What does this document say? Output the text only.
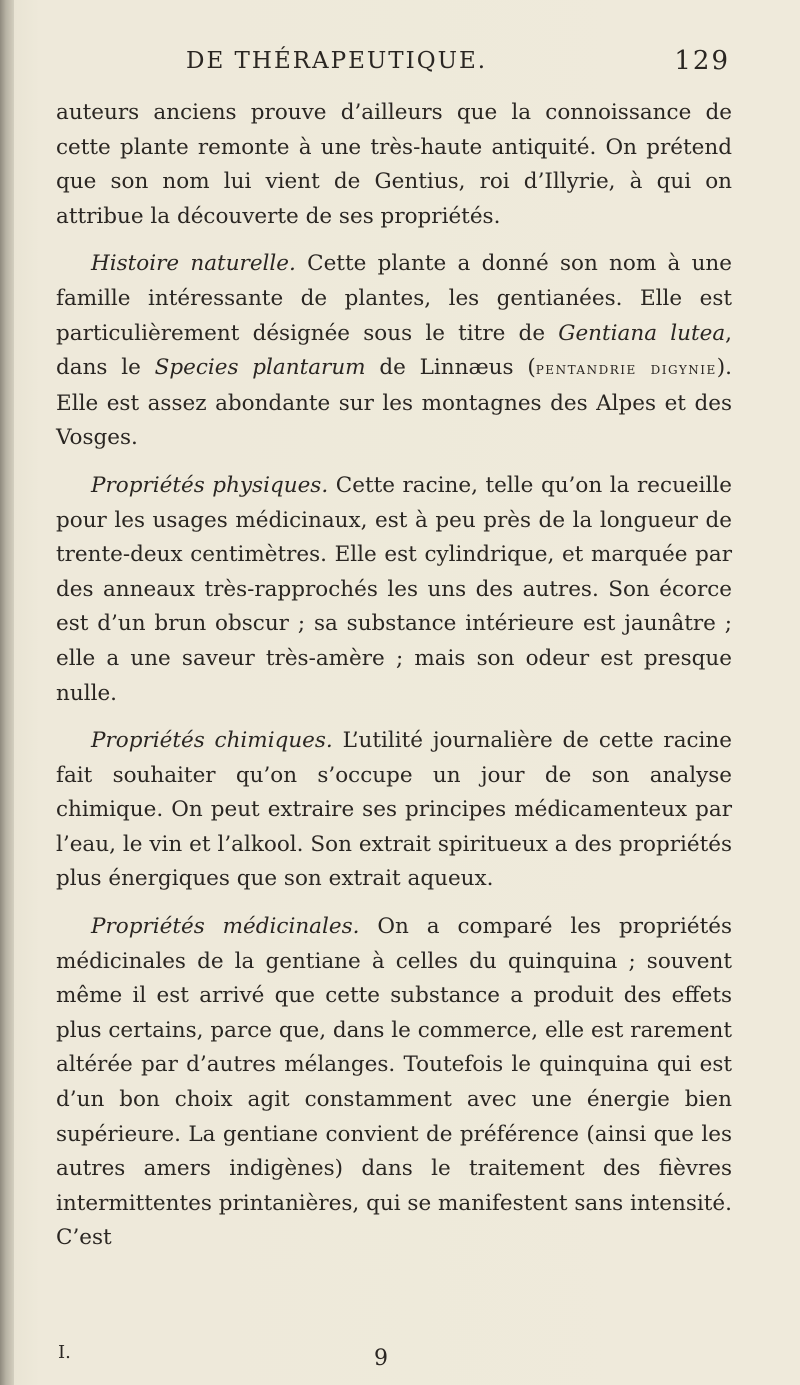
DE THÉRAPEUTIQUE.	129

auteurs anciens prouve d’ailleurs que la connoissance de cette plante remonte à une très-haute antiquité. On prétend que son nom lui vient de Gentius, roi d’Illyrie, à qui on attribue la découverte de ses propriétés.

Histoire naturelle. Cette plante a donné son nom à une famille intéressante de plantes, les gentianées. Elle est particulièrement désignée sous le titre de Gentiana lutea, dans le Species plantarum de Linnæus (pentandrie digynie). Elle est assez abondante sur les montagnes des Alpes et des Vosges.

Propriétés physiques. Cette racine, telle qu’on la recueille pour les usages médicinaux, est à peu près de la longueur de trente-deux centimètres. Elle est cylindrique, et marquée par des anneaux très-rapprochés les uns des autres. Son écorce est d’un brun obscur ; sa substance intérieure est jaunâtre ; elle a une saveur très-amère ; mais son odeur est presque nulle.

Propriétés chimiques. L’utilité journalière de cette racine fait souhaiter qu’on s’occupe un jour de son analyse chimique. On peut extraire ses principes médicamenteux par l’eau, le vin et l’alkool. Son extrait spiritueux a des propriétés plus énergiques que son extrait aqueux.

Propriétés médicinales. On a comparé les propriétés médicinales de la gentiane à celles du quinquina ; souvent même il est arrivé que cette substance a produit des effets plus certains, parce que, dans le commerce, elle est rarement altérée par d’autres mélanges. Toutefois le quinquina qui est d’un bon choix agit constamment avec une énergie bien supérieure. La gentiane convient de préférence (ainsi que les autres amers indigènes) dans le traitement des fièvres intermittentes printanières, qui se manifestent sans intensité. C’est

I.	9
